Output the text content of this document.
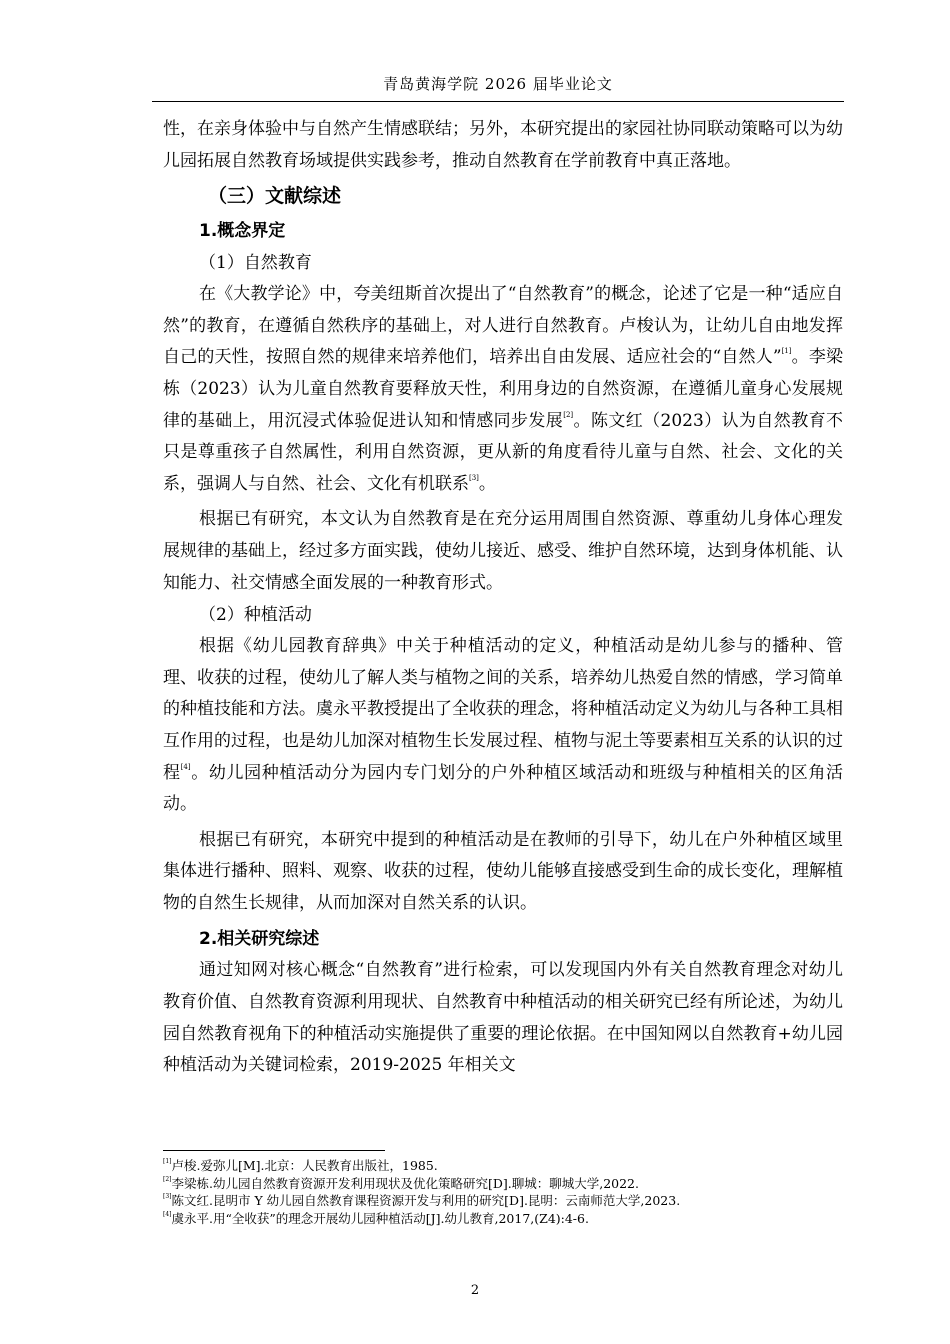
青岛黄海学院 2026 届毕业论文

性，在亲身体验中与自然产生情感联结；另外，本研究提出的家园社协同联动策略可以为幼儿园拓展自然教育场域提供实践参考，推动自然教育在学前教育中真正落地。

（三）文献综述
1.概念界定
（1）自然教育

在《大教学论》中，夸美纽斯首次提出了“自然教育”的概念，论述了它是一种“适应自然”的教育，在遵循自然秩序的基础上，对人进行自然教育。卢梭认为，让幼儿自由地发挥自己的天性，按照自然的规律来培养他们，培养出自由发展、适应社会的“自然人”[1]。李梁栋（2023）认为儿童自然教育要释放天性，利用身边的自然资源，在遵循儿童身心发展规律的基础上，用沉浸式体验促进认知和情感同步发展[2]。陈文红（2023）认为自然教育不只是尊重孩子自然属性，利用自然资源，更从新的角度看待儿童与自然、社会、文化的关系，强调人与自然、社会、文化有机联系[3]。

根据已有研究，本文认为自然教育是在充分运用周围自然资源、尊重幼儿身体心理发展规律的基础上，经过多方面实践，使幼儿接近、感受、维护自然环境，达到身体机能、认知能力、社交情感全面发展的一种教育形式。

（2）种植活动

根据《幼儿园教育辞典》中关于种植活动的定义，种植活动是幼儿参与的播种、管理、收获的过程，使幼儿了解人类与植物之间的关系，培养幼儿热爱自然的情感，学习简单的种植技能和方法。虞永平教授提出了全收获的理念，将种植活动定义为幼儿与各种工具相互作用的过程，也是幼儿加深对植物生长发展过程、植物与泥土等要素相互关系的认识的过程[4]。幼儿园种植活动分为园内专门划分的户外种植区域活动和班级与种植相关的区角活动。

根据已有研究，本研究中提到的种植活动是在教师的引导下，幼儿在户外种植区域里集体进行播种、照料、观察、收获的过程，使幼儿能够直接感受到生命的成长变化，理解植物的自然生长规律，从而加深对自然关系的认识。

2.相关研究综述

通过知网对核心概念“自然教育”进行检索，可以发现国内外有关自然教育理念对幼儿教育价值、自然教育资源利用现状、自然教育中种植活动的相关研究已经有所论述，为幼儿园自然教育视角下的种植活动实施提供了重要的理论依据。在中国知网以自然教育+幼儿园种植活动为关键词检索，2019-2025 年相关文

[1]卢梭.爱弥儿[M].北京：人民教育出版社，1985.
[2]李梁栋.幼儿园自然教育资源开发利用现状及优化策略研究[D].聊城：聊城大学,2022.
[3]陈文红.昆明市 Y 幼儿园自然教育课程资源开发与利用的研究[D].昆明：云南师范大学,2023.
[4]虞永平.用“全收获”的理念开展幼儿园种植活动[J].幼儿教育,2017,(Z4):4-6.
2
